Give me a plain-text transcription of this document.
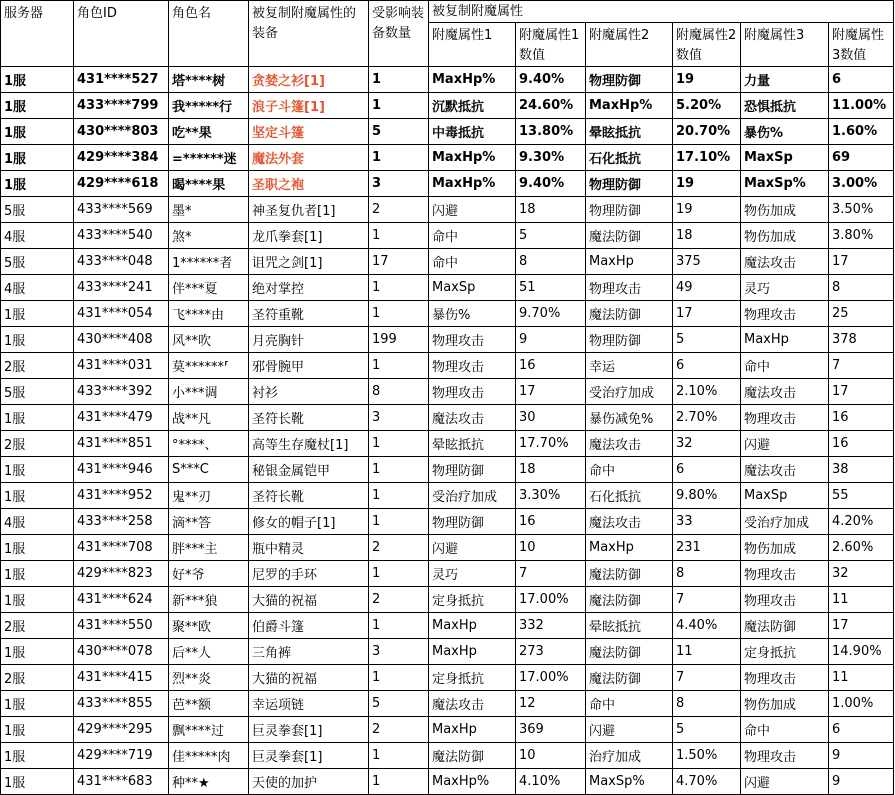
服务器	角色ID	角色名	被复制附魔属性的装备	受影响装备数量	被复制附魔属性					
					附魔属性1	附魔属性1数值	附魔属性2	附魔属性2数值	附魔属性3	附魔属性3数值
1服	431****527	塔****树	贪婪之衫[1]	1	MaxHp%	9.40%	物理防御	19	力量	6
1服	433****799	我*****行	浪子斗篷[1]	1	沉默抵抗	24.60%	MaxHp%	5.20%	恐惧抵抗	11.00%
1服	430****803	吃**果	坚定斗篷	5	中毒抵抗	13.80%	晕眩抵抗	20.70%	暴伤%	1.60%
1服	429****384	=******迷	魔法外套	1	MaxHp%	9.30%	石化抵抗	17.10%	MaxSp	69
1服	429****618	暍****果	圣职之袍	3	MaxHp%	9.40%	物理防御	19	MaxSp%	3.00%
5服	433****569	墨*	神圣复仇者[1]	2	闪避	18	物理防御	19	物伤加成	3.50%
4服	433****540	煞*	龙爪拳套[1]	1	命中	5	魔法防御	18	物伤加成	3.80%
5服	433****048	1******者	诅咒之剑[1]	17	命中	8	MaxHp	375	魔法攻击	17
4服	433****241	伴***夏	绝对掌控	1	MaxSp	51	物理攻击	49	灵巧	8
1服	431****054	飞****由	圣符重靴	1	暴伤%	9.70%	魔法防御	17	物理攻击	25
1服	430****408	风**吹	月亮胸针	199	物理攻击	9	物理防御	5	MaxHp	378
2服	431****031	莫******⸢	邪骨腕甲	1	物理攻击	16	幸运	6	命中	7
5服	433****392	小***调	衬衫	8	物理攻击	17	受治疗加成	2.10%	魔法攻击	17
1服	431****479	战**凡	圣符长靴	3	魔法攻击	30	暴伤减免%	2.70%	物理攻击	16
2服	431****851	°****、	高等生存魔杖[1]	1	晕眩抵抗	17.70%	魔法攻击	32	闪避	16
1服	431****946	S***C	秘银金属铠甲	1	物理防御	18	命中	6	魔法攻击	38
1服	431****952	鬼**刃	圣符长靴	1	受治疗加成	3.30%	石化抵抗	9.80%	MaxSp	55
4服	433****258	滴**答	修女的帽子[1]	1	物理防御	16	魔法攻击	33	受治疗加成	4.20%
1服	431****708	胖***主	瓶中精灵	2	闪避	10	MaxHp	231	物伤加成	2.60%
1服	429****823	好*爷	尼罗的手环	1	灵巧	7	魔法防御	8	物理攻击	32
1服	431****624	新***狼	大猫的祝福	2	定身抵抗	17.00%	魔法防御	7	物理攻击	11
2服	431****550	聚**欧	伯爵斗篷	1	MaxHp	332	晕眩抵抗	4.40%	魔法防御	17
1服	430****078	后**人	三角裤	3	MaxHp	273	魔法防御	11	定身抵抗	14.90%
2服	431****415	烈**炎	大猫的祝福	1	定身抵抗	17.00%	魔法防御	7	物理攻击	11
1服	433****855	芭**额	幸运项链	5	魔法攻击	12	命中	8	物伤加成	1.00%
1服	429****295	飘****过	巨灵拳套[1]	2	MaxHp	369	闪避	5	命中	6
1服	429****719	佳*****肉	巨灵拳套[1]	1	魔法防御	10	治疗加成	1.50%	物理攻击	9
1服	431****683	种**★	天使的加护	1	MaxHp%	4.10%	MaxSp%	4.70%	闪避	9
